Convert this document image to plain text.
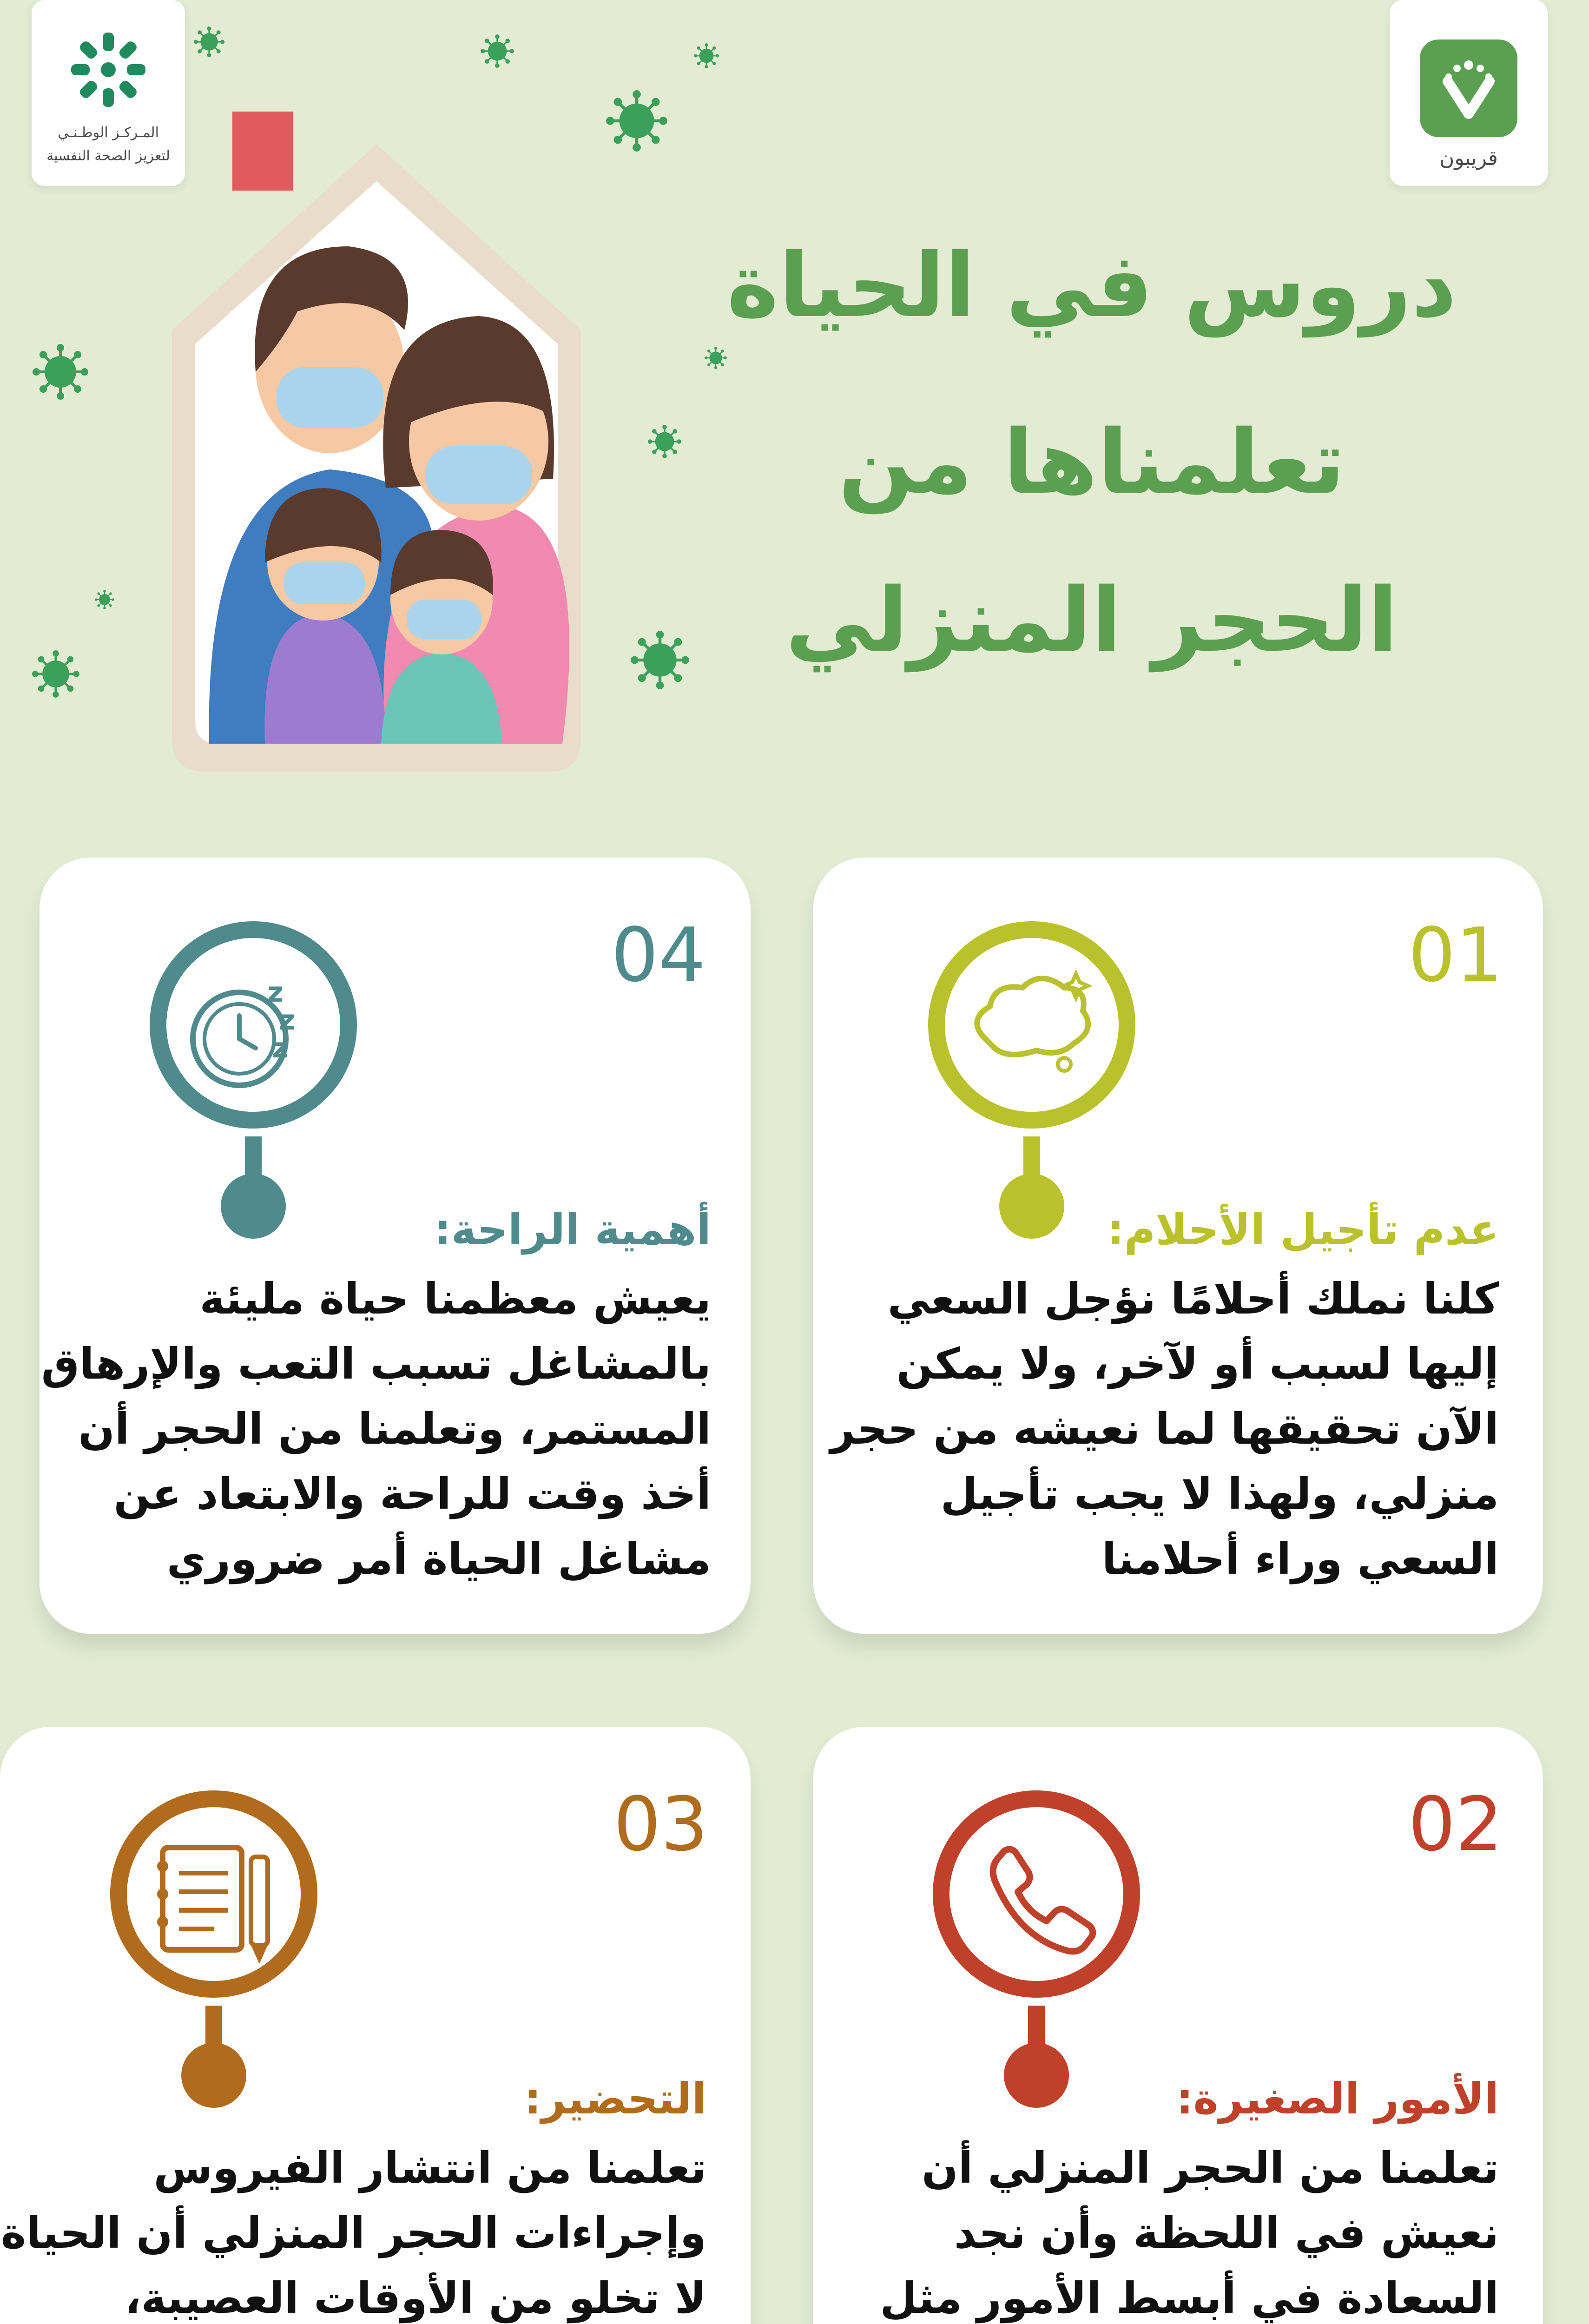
المـركـز الوطـنـي
لتعزيز الصحة النفسية	قريبون
دروس في الحياة
تعلمناها من
الحجر المنزلي
01
عدم تأجيل الأحلام:
كلنا نملك أحلامًا نؤجل السعي
إليها لسبب أو لآخر، ولا يمكن
الآن تحقيقها لما نعيشه من حجر
منزلي، ولهذا لا يجب تأجيل
السعي وراء أحلامنا
04
z
z
z
أهمية الراحة:
يعيش معظمنا حياة مليئة
بالمشاغل تسبب التعب والإرهاق
المستمر، وتعلمنا من الحجر أن
أخذ وقت للراحة والابتعاد عن
مشاغل الحياة أمر ضروري
02
الأمور الصغيرة:
تعلمنا من الحجر المنزلي أن
نعيش في اللحظة وأن نجد
السعادة في أبسط الأمور مثل
03
التحضير:
تعلمنا من انتشار الفيروس
وإجراءات الحجر المنزلي أن الحياة
لا تخلو من الأوقات العصيبة،
